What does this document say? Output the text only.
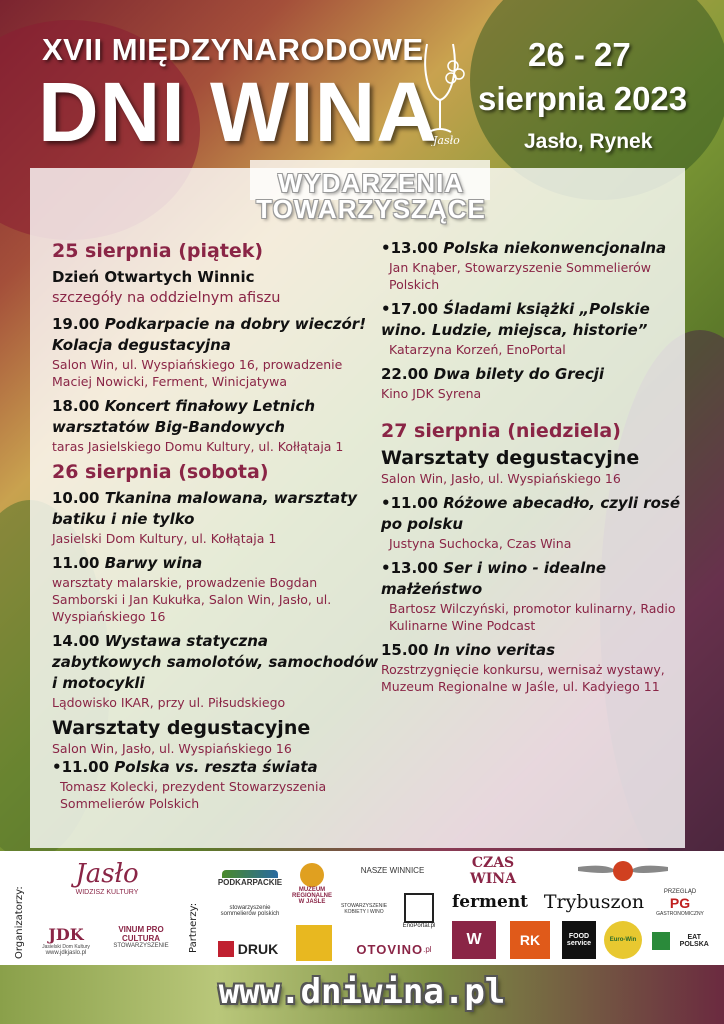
XVII MIĘDZYNARODOWE
DNI WINA
Jasło
26 - 27
sierpnia 2023
Jasło, Rynek
WYDARZENIA
TOWARZYSZĄCE
25 sierpnia (piątek)
Dzień Otwartych Winnic
szczegóły na oddzielnym afiszu
19.00 Podkarpacie na dobry wieczór! Kolacja degustacyjna
Salon Win, ul. Wyspiańskiego 16, prowadzenie Maciej Nowicki, Ferment, Winicjatywa
18.00 Koncert finałowy Letnich warsztatów Big-Bandowych
taras Jasielskiego Domu Kultury, ul. Kołłątaja 1
26 sierpnia (sobota)
10.00 Tkanina malowana, warsztaty batiku i nie tylko
Jasielski Dom Kultury, ul. Kołłątaja 1
11.00 Barwy wina
warsztaty malarskie, prowadzenie Bogdan Samborski i Jan Kukułka, Salon Win, Jasło, ul. Wyspiańskiego 16
14.00 Wystawa statyczna zabytkowych samolotów, samochodów i motocykli
Lądowisko IKAR, przy ul. Piłsudskiego
Warsztaty degustacyjne
Salon Win, Jasło, ul. Wyspiańskiego 16
•11.00 Polska vs. reszta świata
Tomasz Kolecki, prezydent Stowarzyszenia Sommelierów Polskich
•13.00 Polska niekonwencjonalna
Jan Knąber, Stowarzyszenie Sommelierów Polskich
•17.00 Śladami książki „Polskie wino. Ludzie, miejsca, historie”
Katarzyna Korzeń, EnoPortal
22.00 Dwa bilety do Grecji
Kino JDK Syrena
27 sierpnia (niedziela)
Warsztaty degustacyjne
Salon Win, Jasło, ul. Wyspiańskiego 16
•11.00 Różowe abecadło, czyli rosé po polsku
Justyna Suchocka, Czas Wina
•13.00 Ser i wino - idealne małżeństwo
Bartosz Wilczyński, promotor kulinarny, Radio Kulinarne Wine Podcast
15.00 In vino veritas
Rozstrzygnięcie konkursu, wernisaż wystawy, Muzeum Regionalne w Jaśle, ul. Kadyiego 11
Organizatorzy:	Partnerzy:
Jasło
WIDZISZ KULTURY
JDK
Jasielski Dom Kultury
www.jdkjaslo.pl
VINUM PRO CULTURA
STOWARZYSZENIE
PODKARPACKIE
MUZEUM REGIONALNE W JAŚLE
NASZE WINNICE	CZAS WINA
stowarzyszenie sommelierów polskich
STOWARZYSZENIE KOBIETY I WINO
EnoPortal.pl
ferment Trybuszon	PRZEGLĄD
PG
GASTRONOMICZNY
DRUK	OTOVINO .pl
W	RK	FOOD service	Euro-Win	EAT POLSKA
www.dniwina.pl
